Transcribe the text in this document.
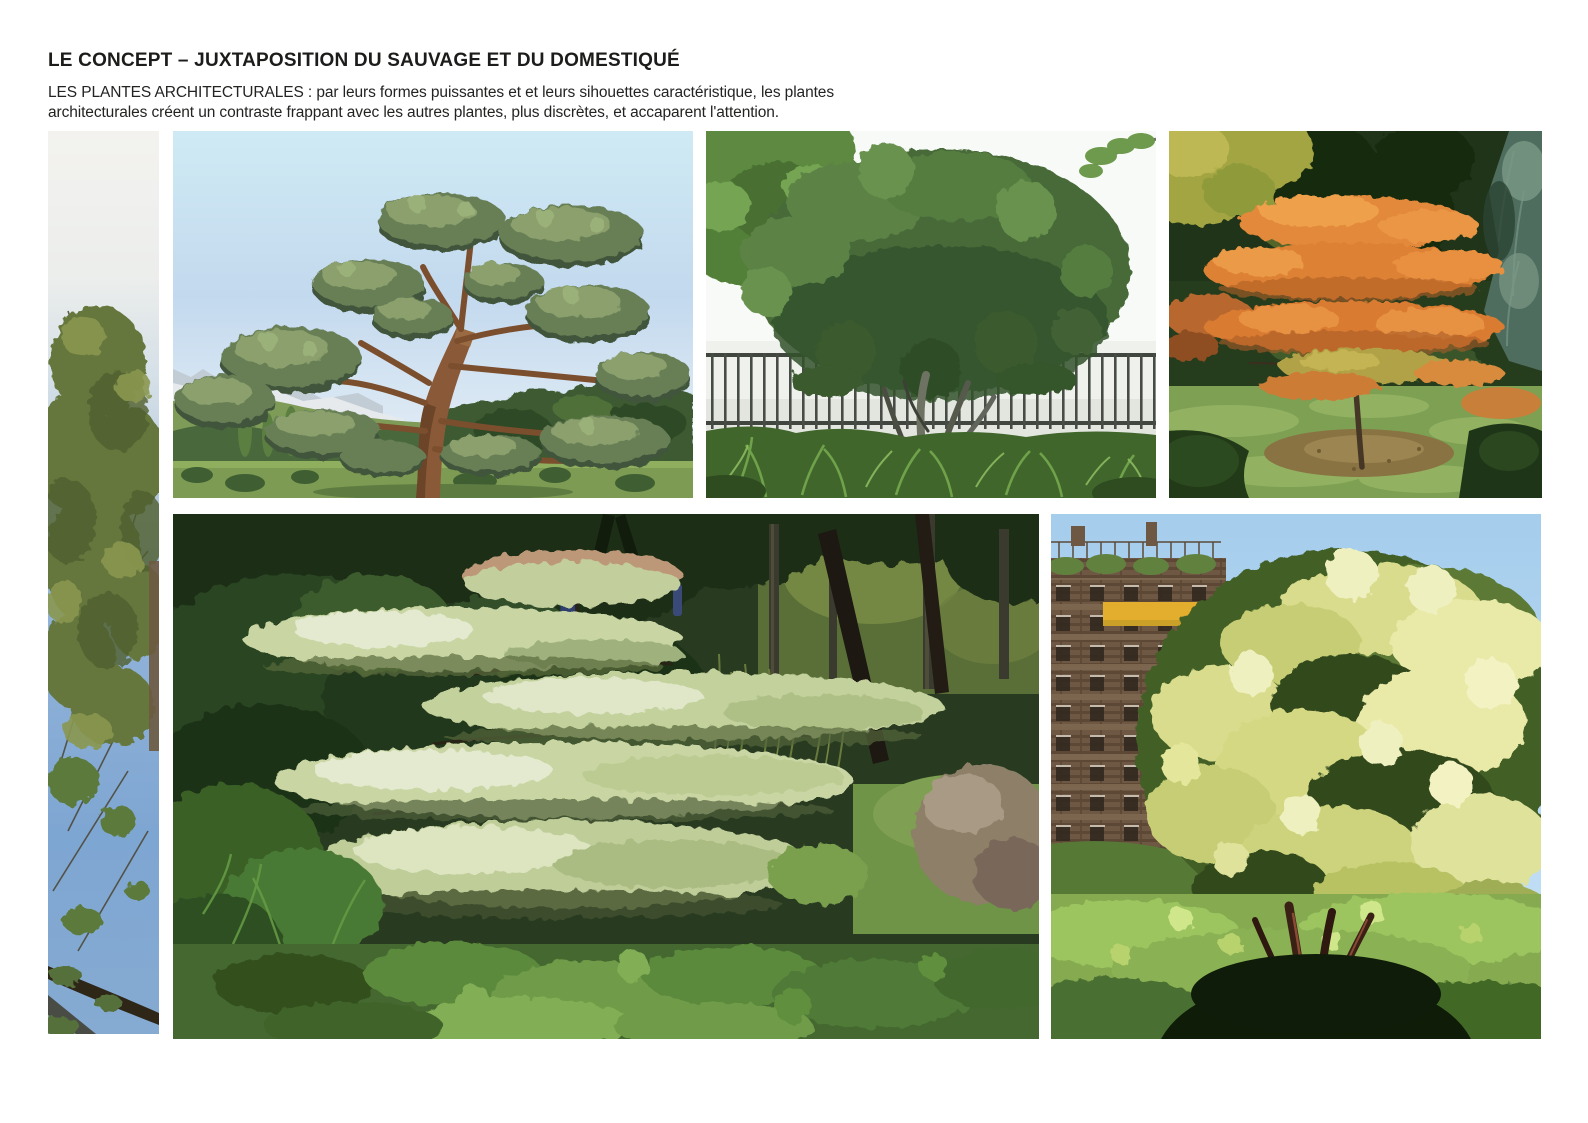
LE CONCEPT – JUXTAPOSITION DU SAUVAGE ET DU DOMESTIQUÉ

LES PLANTES ARCHITECTURALES : par leurs formes puissantes et et leurs sihouettes caractéristique, les plantes
architecturales créent un contraste frappant avec les autres plantes, plus discrètes, et accaparent l'attention.
